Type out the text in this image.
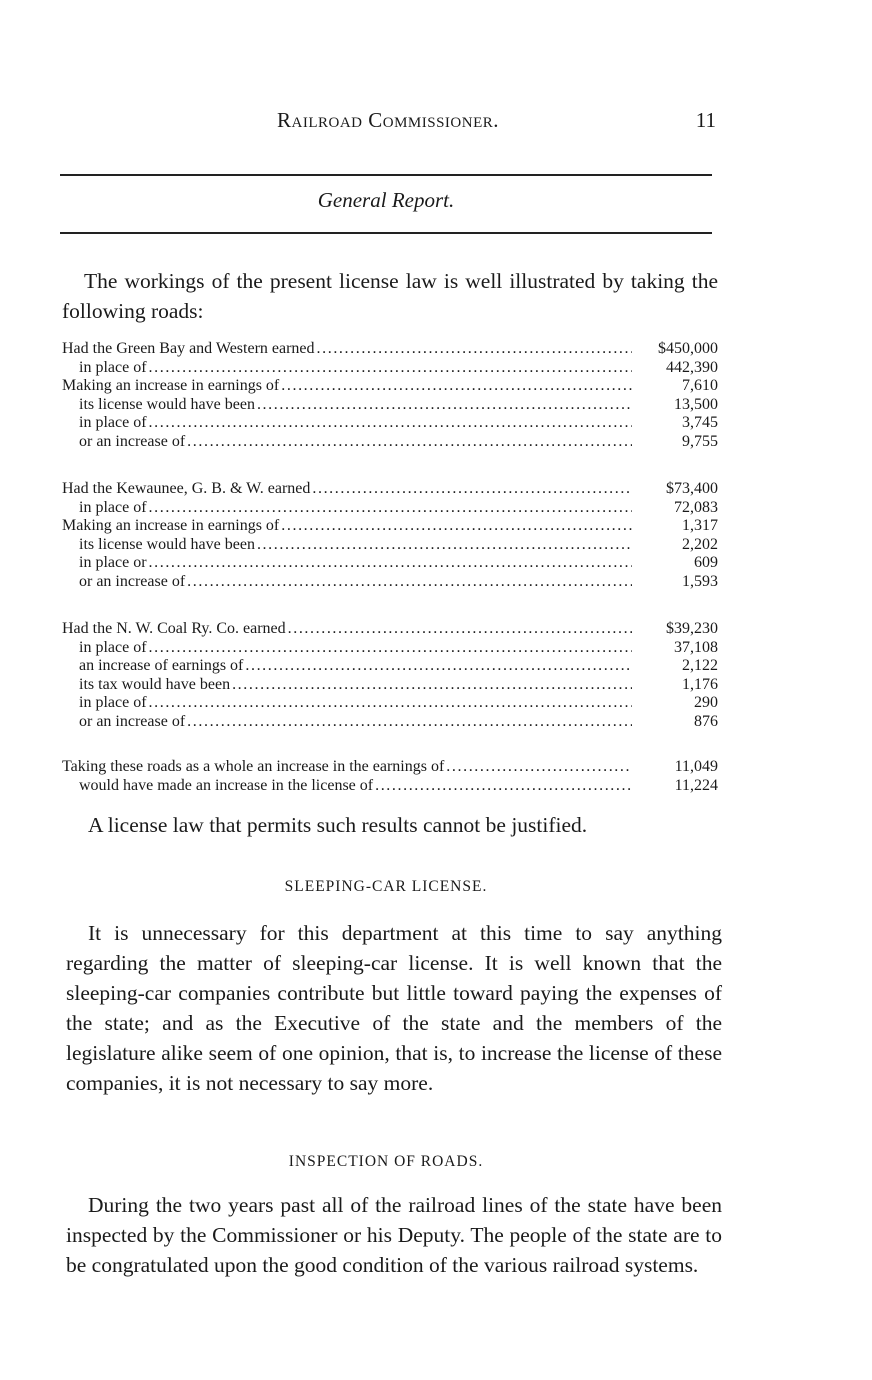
Railroad Commissioner.	11
General Report.

The workings of the present license law is well illustrated by taking the following roads:

Had the Green Bay and Western earned . . .	$450,000
in place of . . .	442,390
Making an increase in earnings of . . .	7,610
its license would have been . . .	13,500
in place of . . .	3,745
or an increase of . . .	9,755
Had the Kewaunee, G. B. & W. earned . . .	$73,400
in place of . . .	72,083
Making an increase in earnings of . . .	1,317
its license would have been . . .	2,202
in place or . . .	609
or an increase of . . .	1,593
Had the N. W. Coal Ry. Co. earned . . .	$39,230
in place of . . .	37,108
an increase of earnings of . . .	2,122
its tax would have been . . .	1,176
in place of . . .	290
or an increase of . . .	876
Taking these roads as a whole an increase in the earnings of . . .	11,049
would have made an increase in the license of . . .	11,224

A license law that permits such results cannot be justified.

SLEEPING-CAR LICENSE.

It is unnecessary for this department at this time to say anything regarding the matter of sleeping-car license. It is well known that the sleeping-car companies contribute but little toward paying the expenses of the state; and as the Executive of the state and the members of the legislature alike seem of one opinion, that is, to increase the license of these companies, it is not necessary to say more.

INSPECTION OF ROADS.

During the two years past all of the railroad lines of the state have been inspected by the Commissioner or his Deputy. The people of the state are to be congratulated upon the good condition of the various railroad systems.
